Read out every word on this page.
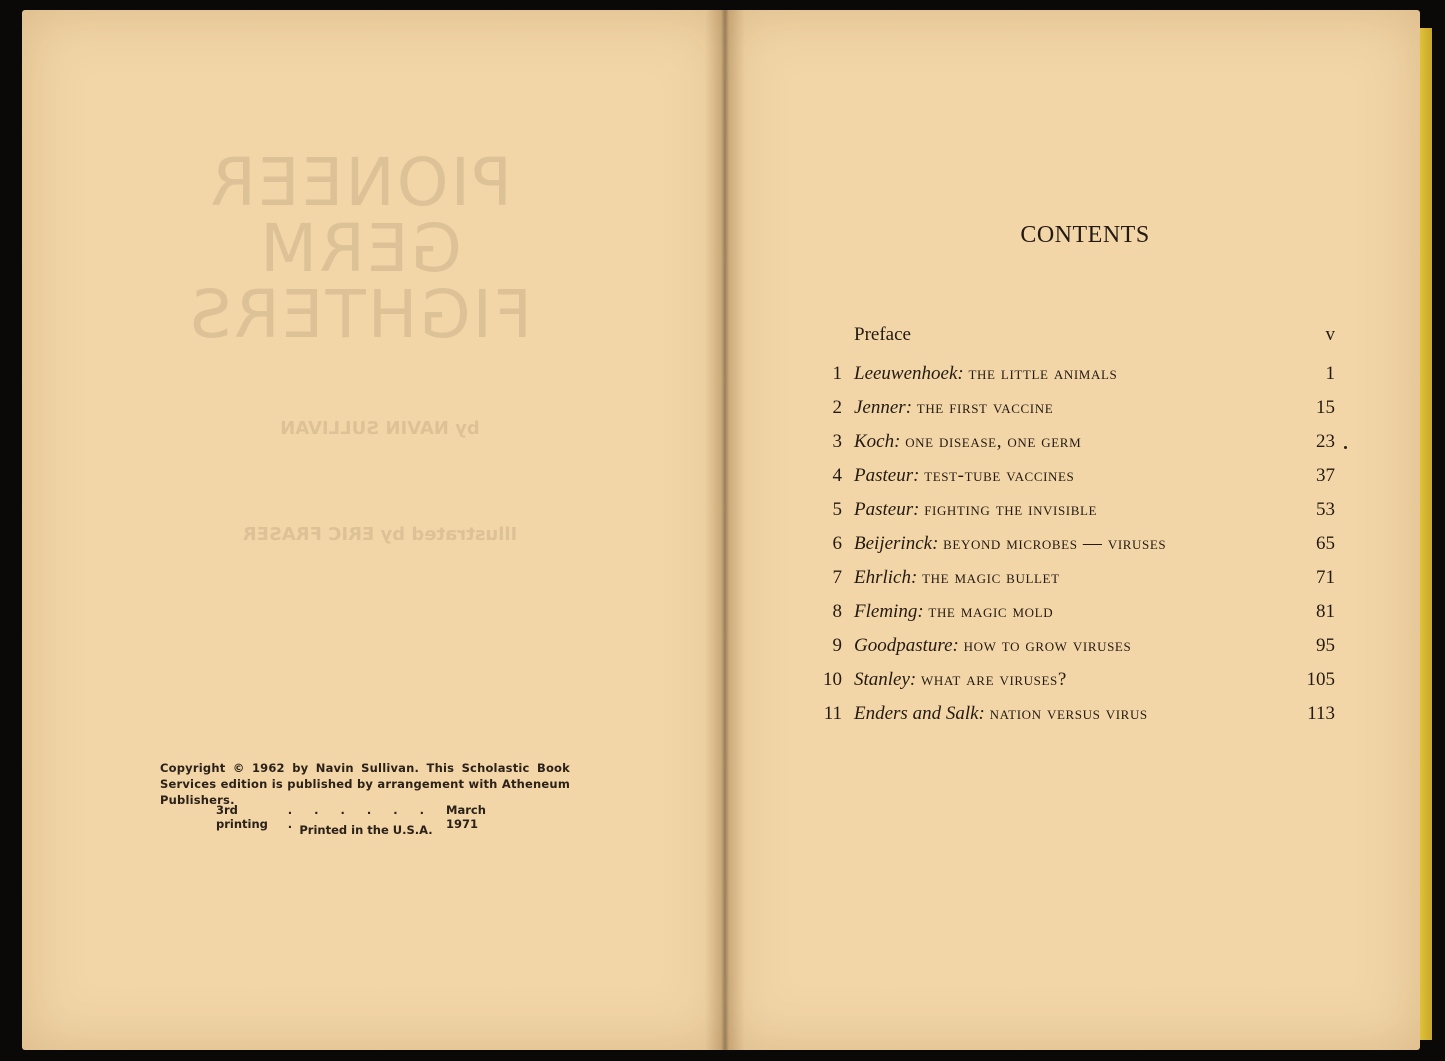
PIONEER
GERM FIGHTERS
by NAVIN SULLIVAN
Illustrated by ERIC FRASER
Copyright © 1962 by Navin Sullivan. This Scholastic Book Services edition is published by arrangement with Atheneum Publishers.
3rd printing
. . . . . . .
March 1971
Printed in the U.S.A.
CONTENTS
Preface	v
1 Leeuwenhoek: the little animals	1
2 Jenner: the first vaccine	15
3 Koch: one disease, one germ	23
4 Pasteur: test-tube vaccines	37
5 Pasteur: fighting the invisible	53
6 Beijerinck: beyond microbes — viruses	65
7 Ehrlich: the magic bullet	71
8 Fleming: the magic mold	81
9 Goodpasture: how to grow viruses	95
10 Stanley: what are viruses?	105
11 Enders and Salk: nation versus virus	113
